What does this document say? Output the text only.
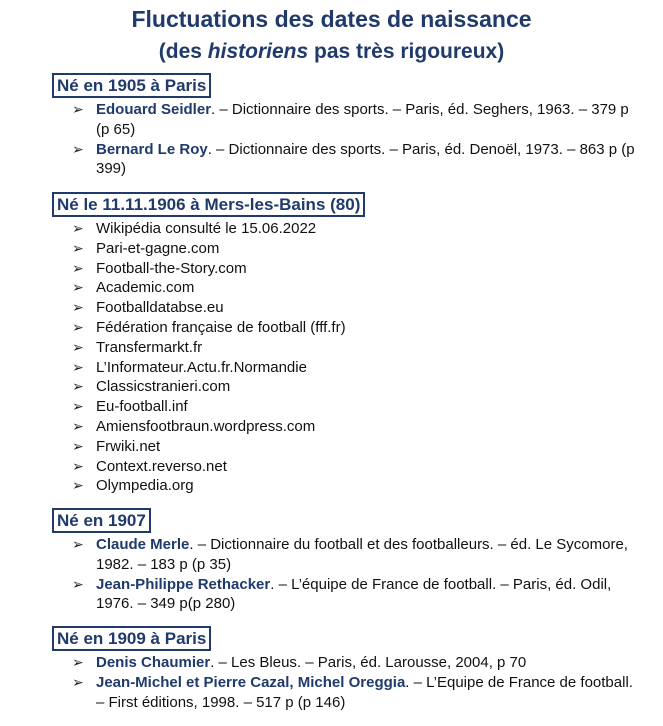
Fluctuations des dates de naissance
(des historiens pas très rigoureux)
Né en 1905 à Paris
➢ Edouard Seidler. – Dictionnaire des sports. – Paris, éd. Seghers, 1963. – 379 p (p 65)
➢ Bernard Le Roy. – Dictionnaire des sports. – Paris, éd. Denoël, 1973. – 863 p (p 399)
Né le 11.11.1906 à Mers-les-Bains (80)
➢ Wikipédia consulté le 15.06.2022
➢ Pari-et-gagne.com
➢ Football-the-Story.com
➢ Academic.com
➢ Footballdatabse.eu
➢ Fédération française de football (fff.fr)
➢ Transfermarkt.fr
➢ L’Informateur.Actu.fr.Normandie
➢ Classicstranieri.com
➢ Eu-football.inf
➢ Amiensfootbraun.wordpress.com
➢ Frwiki.net
➢ Context.reverso.net
➢ Olympedia.org
Né en 1907
➢ Claude Merle. – Dictionnaire du football et des footballeurs. – éd. Le Sycomore, 1982. – 183 p (p 35)
➢ Jean-Philippe Rethacker. – L’équipe de France de football. – Paris, éd. Odil, 1976. – 349 p(p 280)
Né en 1909 à Paris
➢ Denis Chaumier. – Les Bleus. – Paris, éd. Larousse, 2004, p 70
➢ Jean-Michel et Pierre Cazal, Michel Oreggia. – L’Equipe de France de football. – First éditions, 1998. – 517 p (p 146)
